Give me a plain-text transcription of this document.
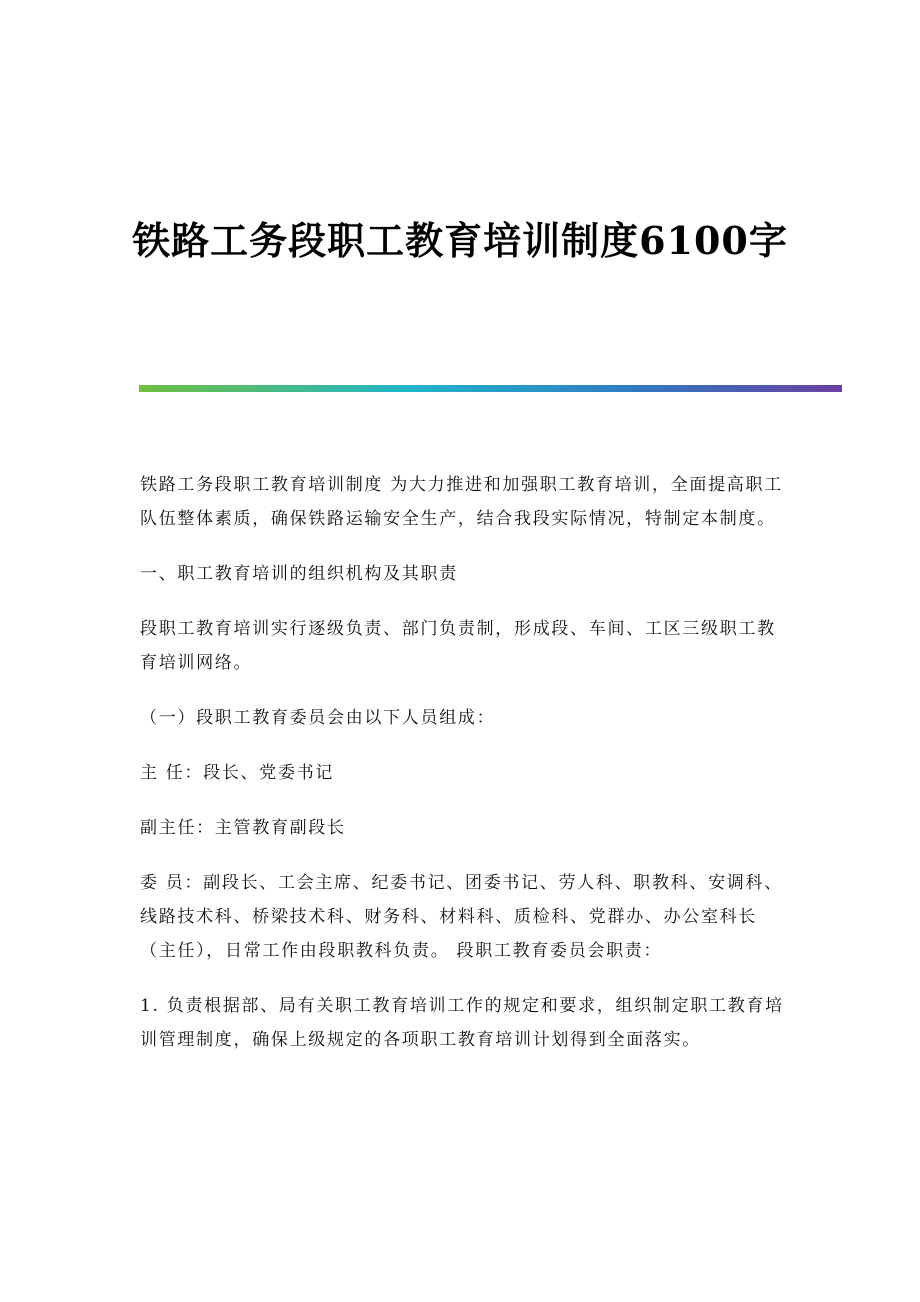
铁路工务段职工教育培训制度6100字

铁路工务段职工教育培训制度 为大力推进和加强职工教育培训，全面提高职工队伍整体素质，确保铁路运输安全生产，结合我段实际情况，特制定本制度。

一、职工教育培训的组织机构及其职责

段职工教育培训实行逐级负责、部门负责制，形成段、车间、工区三级职工教育培训网络。

（一）段职工教育委员会由以下人员组成：

主 任：段长、党委书记

副主任：主管教育副段长

委 员：副段长、工会主席、纪委书记、团委书记、劳人科、职教科、安调科、线路技术科、桥梁技术科、财务科、材料科、质检科、党群办、办公室科长（主任），日常工作由段职教科负责。 段职工教育委员会职责：

1. 负责根据部、局有关职工教育培训工作的规定和要求，组织制定职工教育培训管理制度，确保上级规定的各项职工教育培训计划得到全面落实。
